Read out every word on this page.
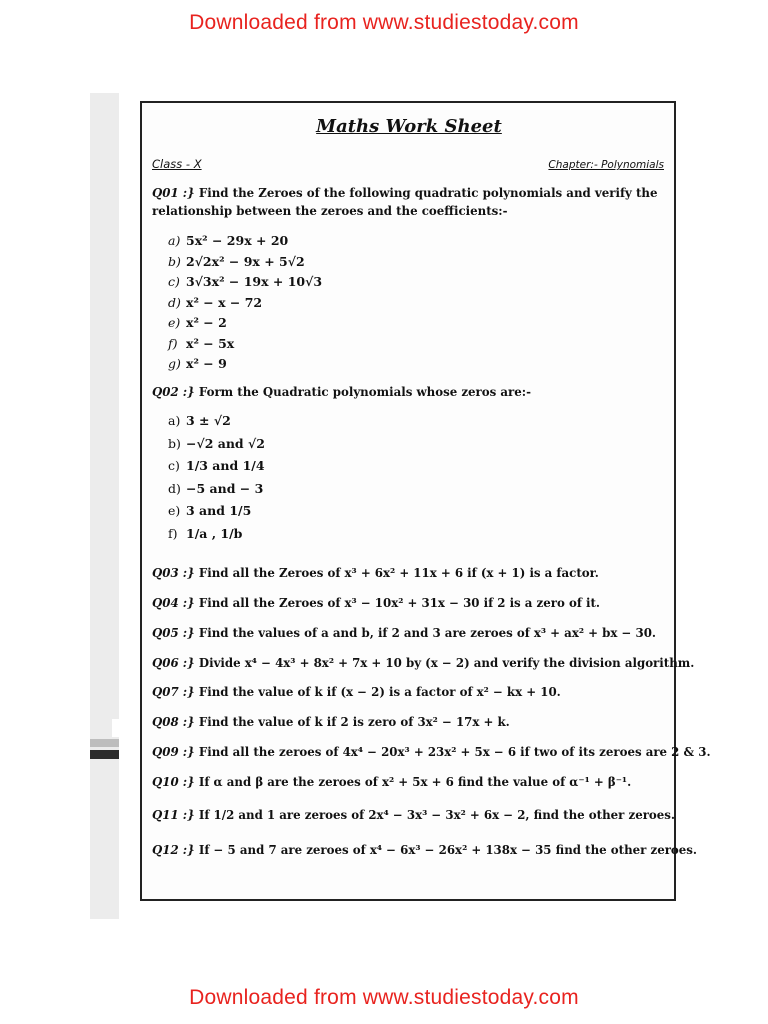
Downloaded from www.studiestoday.com
Maths Work Sheet
Class - X	Chapter:- Polynomials
Q01 :} Find the Zeroes of the following quadratic polynomials and verify the
relationship between the zeroes and the coefficients:-
a) 5x² − 29x + 20
b) 2√2x² − 9x + 5√2
c) 3√3x² − 19x + 10√3
d) x² − x − 72
e) x² − 2
f) x² − 5x
g) x² − 9
Q02 :} Form the Quadratic polynomials whose zeros are:-
a) 3 ± √2
b) −√2 and √2
c) 1/3 and 1/4
d) −5 and − 3
e) 3 and 1/5
f) 1/a , 1/b
Q03 :} Find all the Zeroes of x³ + 6x² + 11x + 6 if (x + 1) is a factor.
Q04 :} Find all the Zeroes of x³ − 10x² + 31x − 30 if 2 is a zero of it.
Q05 :} Find the values of a and b, if 2 and 3 are zeroes of x³ + ax² + bx − 30.
Q06 :} Divide x⁴ − 4x³ + 8x² + 7x + 10 by (x − 2) and verify the division algorithm.
Q07 :} Find the value of k if (x − 2) is a factor of x² − kx + 10.
Q08 :} Find the value of k if 2 is zero of 3x² − 17x + k.
Q09 :} Find all the zeroes of 4x⁴ − 20x³ + 23x² + 5x − 6 if two of its zeroes are 2 & 3.
Q10 :} If α and β are the zeroes of x² + 5x + 6 find the value of α⁻¹ + β⁻¹.
Q11 :} If 1/2 and 1 are zeroes of 2x⁴ − 3x³ − 3x² + 6x − 2, find the other zeroes.
Q12 :} If − 5 and 7 are zeroes of x⁴ − 6x³ − 26x² + 138x − 35 find the other zeroes.
Downloaded from www.studiestoday.com
